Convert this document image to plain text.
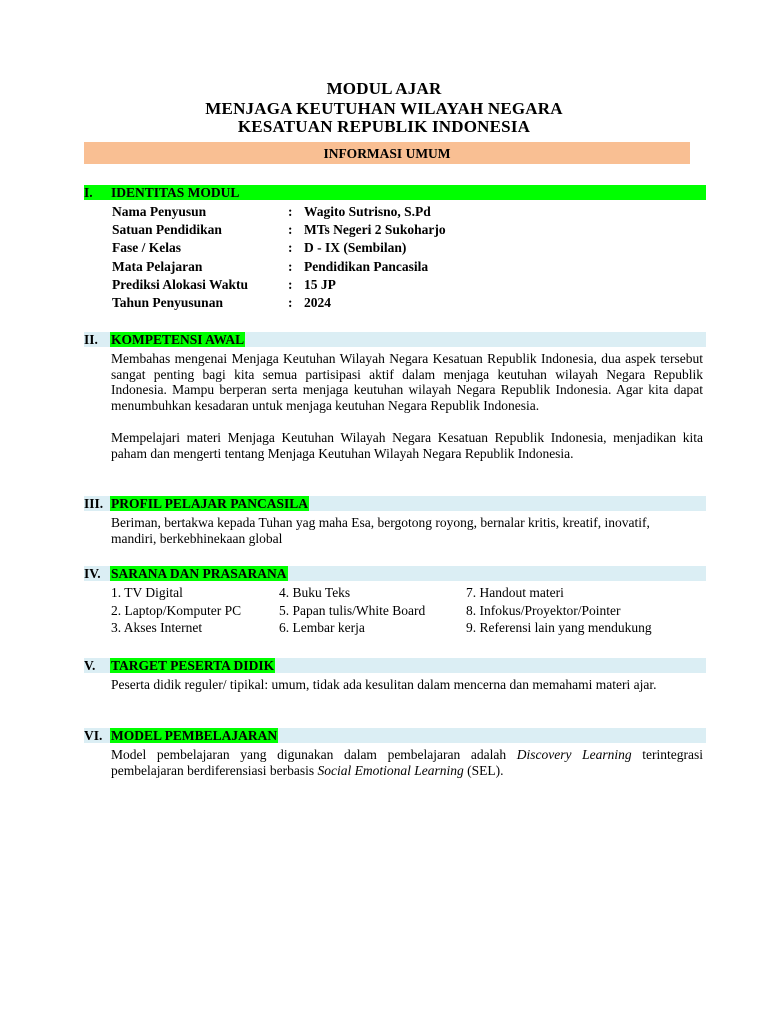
MODUL AJAR
MENJAGA KEUTUHAN WILAYAH NEGARA
KESATUAN REPUBLIK INDONESIA
INFORMASI UMUM
I. IDENTITAS MODUL
Nama Penyusun	: Wagito Sutrisno, S.Pd
Satuan Pendidikan	: MTs Negeri 2 Sukoharjo
Fase / Kelas	: D - IX (Sembilan)
Mata Pelajaran	: Pendidikan Pancasila
Prediksi Alokasi Waktu	: 15 JP
Tahun Penyusunan	: 2024
II. KOMPETENSI AWAL
Membahas mengenai Menjaga Keutuhan Wilayah Negara Kesatuan Republik Indonesia, dua aspek tersebut sangat penting bagi kita semua partisipasi aktif dalam menjaga keutuhan wilayah Negara Republik Indonesia. Mampu berperan serta menjaga keutuhan wilayah Negara Republik Indonesia. Agar kita dapat menumbuhkan kesadaran untuk menjaga keutuhan Negara Republik Indonesia.
Mempelajari materi Menjaga Keutuhan Wilayah Negara Kesatuan Republik Indonesia, menjadikan kita paham dan mengerti tentang Menjaga Keutuhan Wilayah Negara Republik Indonesia.
III. PROFIL PELAJAR PANCASILA
Beriman, bertakwa kepada Tuhan yag maha Esa, bergotong royong, bernalar kritis, kreatif, inovatif, mandiri, berkebhinekaan global
IV. SARANA DAN PRASARANA
1. TV Digital
2. Laptop/Komputer PC
3. Akses Internet
4. Buku Teks
5. Papan tulis/White Board
6. Lembar kerja
7. Handout materi
8. Infokus/Proyektor/Pointer
9. Referensi lain yang mendukung
V. TARGET PESERTA DIDIK
Peserta didik reguler/ tipikal: umum, tidak ada kesulitan dalam mencerna dan memahami materi ajar.
VI. MODEL PEMBELAJARAN
Model pembelajaran yang digunakan dalam pembelajaran adalah Discovery Learning terintegrasi pembelajaran berdiferensiasi berbasis Social Emotional Learning (SEL).
